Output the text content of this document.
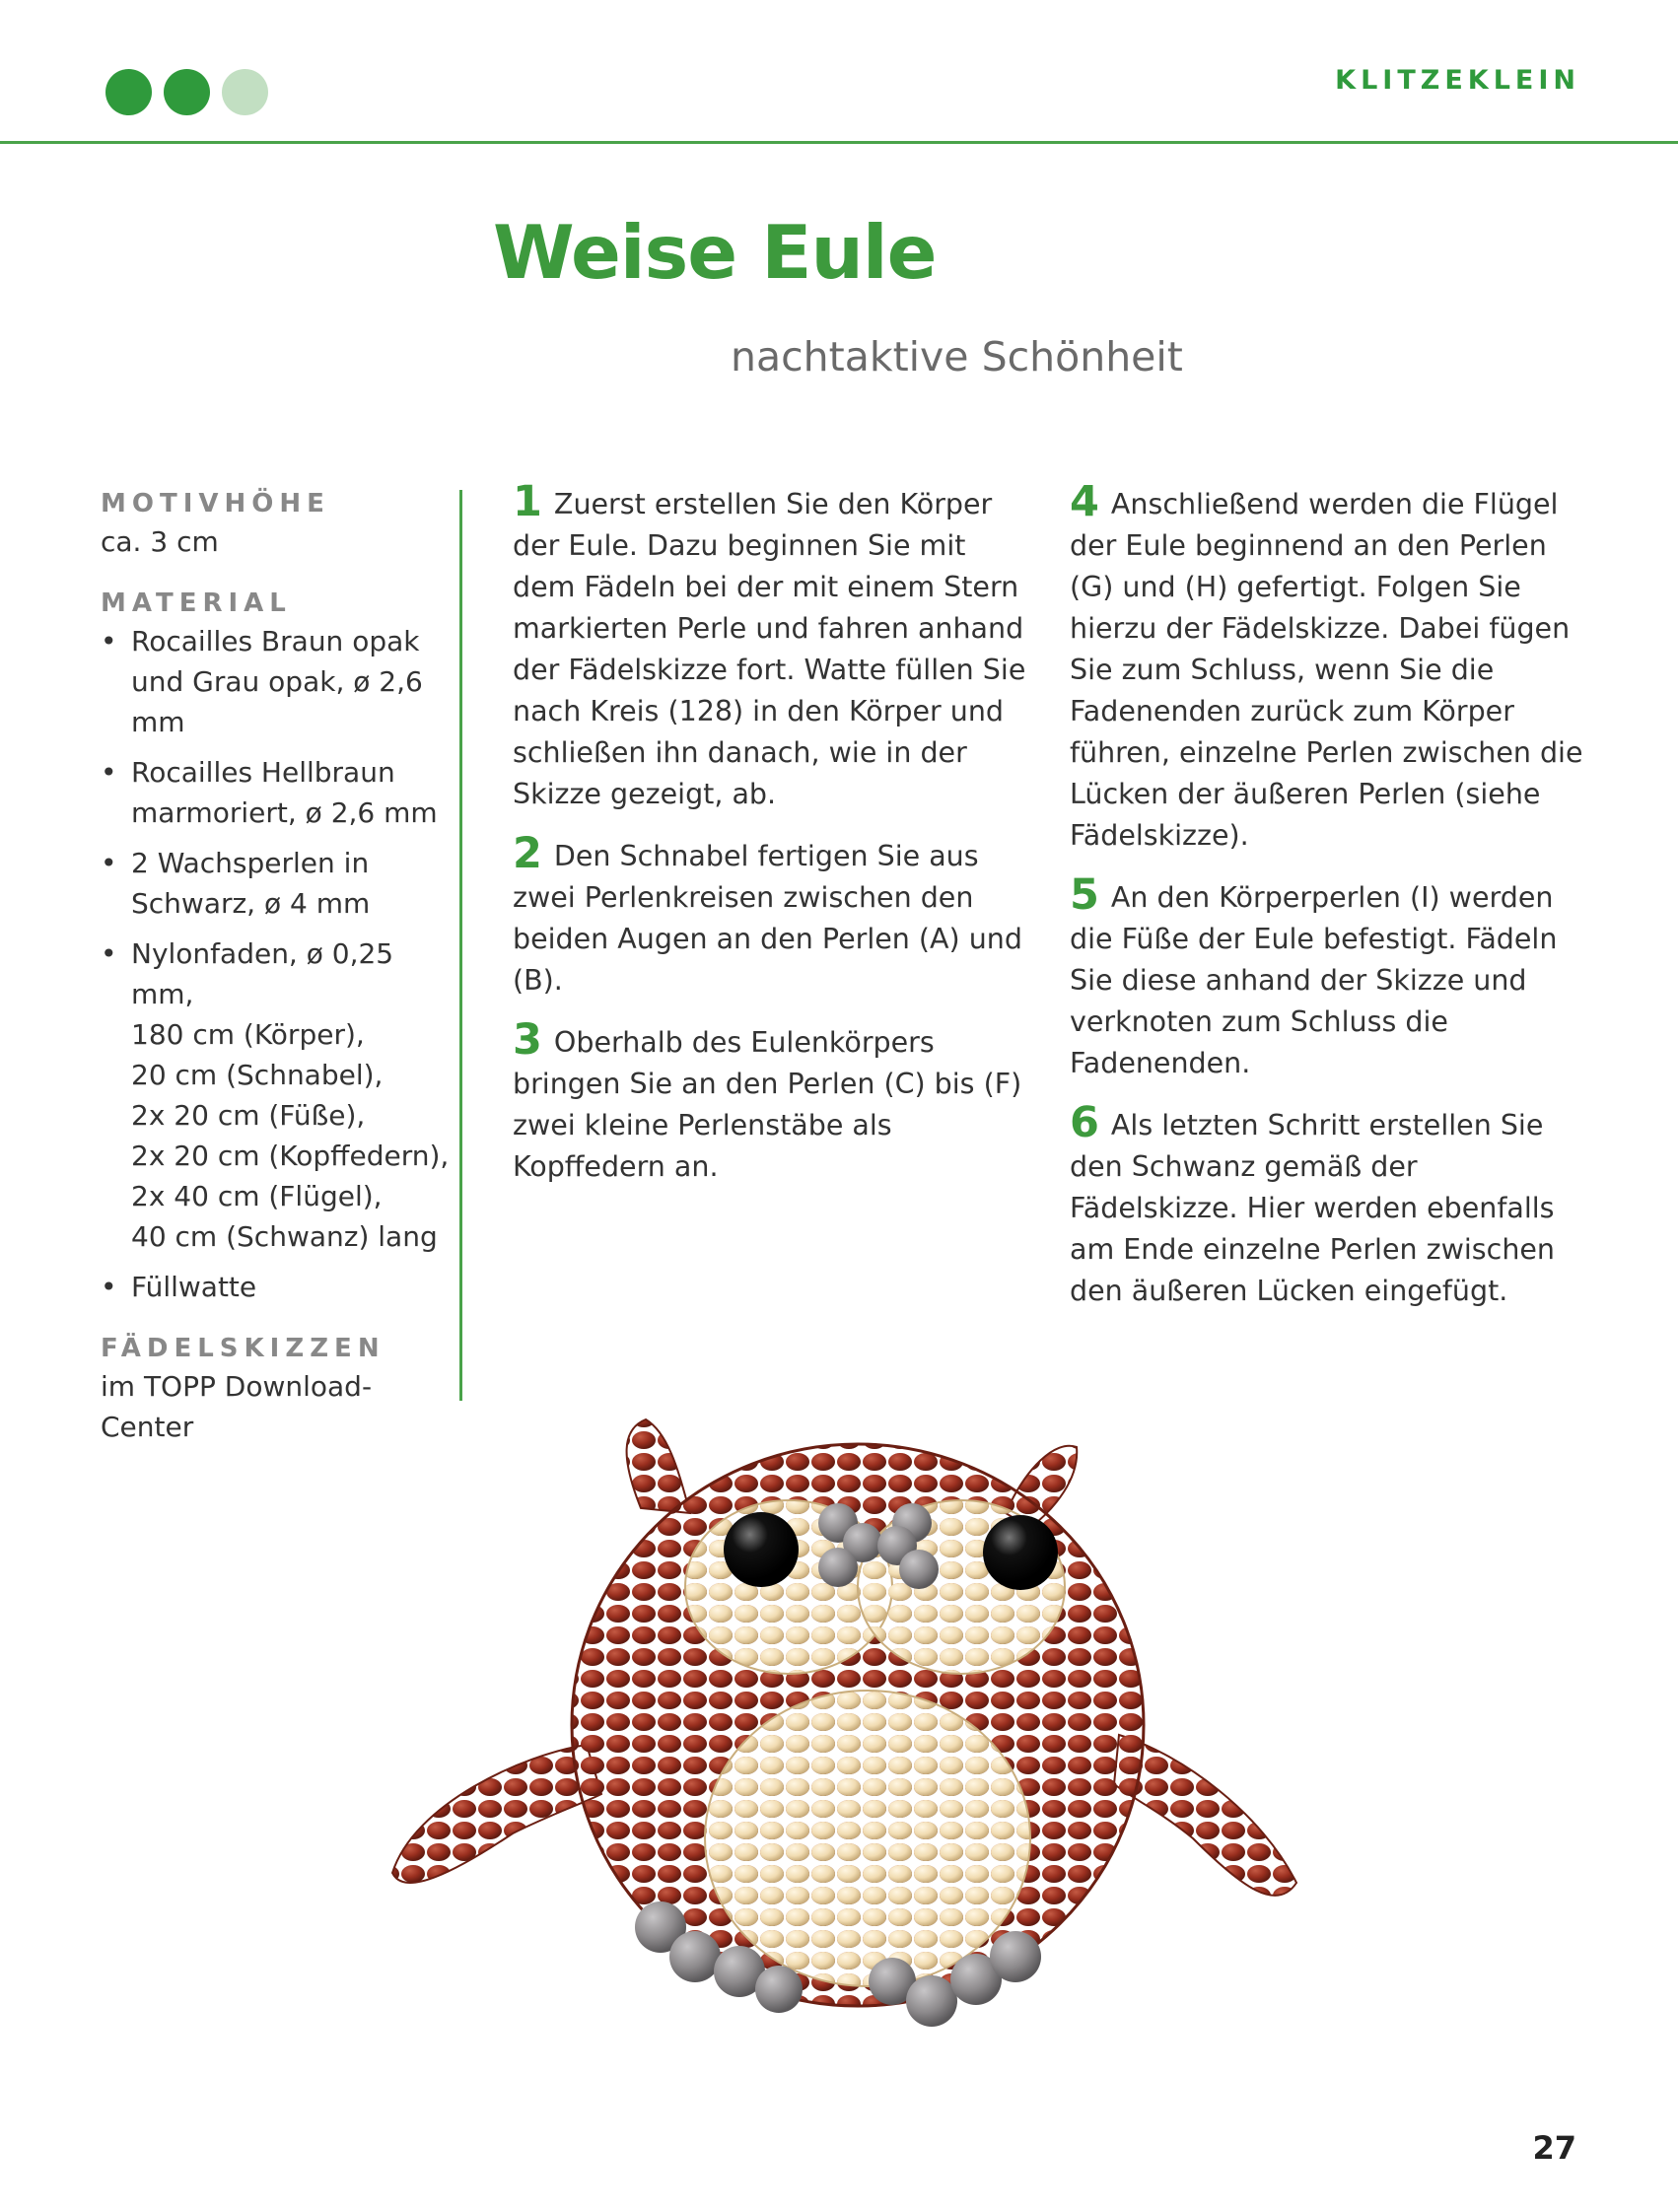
KLITZEKLEIN
Weise Eule
nachtaktive Schönheit
MOTIVHÖHE
ca. 3 cm
MATERIAL
• Rocailles Braun opak
und Grau opak, ø 2,6 mm
• Rocailles Hellbraun
marmoriert, ø 2,6 mm
• 2 Wachsperlen in
Schwarz, ø 4 mm
• Nylonfaden, ø 0,25 mm,
180 cm (Körper),
20 cm (Schnabel),
2x 20 cm (Füße),
2x 20 cm (Kopffedern),
2x 40 cm (Flügel),
40 cm (Schwanz) lang
• Füllwatte
FÄDELSKIZZEN
im TOPP Download-Center

1 Zuerst erstellen Sie den Körper der Eule. Dazu beginnen Sie mit dem Fädeln bei der mit einem Stern markierten Perle und fahren anhand der Fädelskizze fort. Watte füllen Sie nach Kreis (128) in den Körper und schließen ihn danach, wie in der Skizze gezeigt, ab.

2 Den Schnabel fertigen Sie aus zwei Perlenkreisen zwischen den beiden Augen an den Perlen (A) und (B).

3 Oberhalb des Eulenkörpers bringen Sie an den Perlen (C) bis (F) zwei kleine Perlenstäbe als Kopffedern an.

4 Anschließend werden die Flügel der Eule beginnend an den Perlen (G) und (H) gefertigt. Folgen Sie hierzu der Fädelskizze. Dabei fügen Sie zum Schluss, wenn Sie die Fadenenden zurück zum Körper führen, einzelne Perlen zwischen die Lücken der äußeren Perlen (siehe Fädelskizze).

5 An den Körperperlen (I) werden die Füße der Eule befestigt. Fädeln Sie diese anhand der Skizze und verknoten zum Schluss die Fadenenden.

6 Als letzten Schritt erstellen Sie den Schwanz gemäß der Fädelskizze. Hier werden ebenfalls am Ende einzelne Perlen zwischen den äußeren Lücken eingefügt.

27
